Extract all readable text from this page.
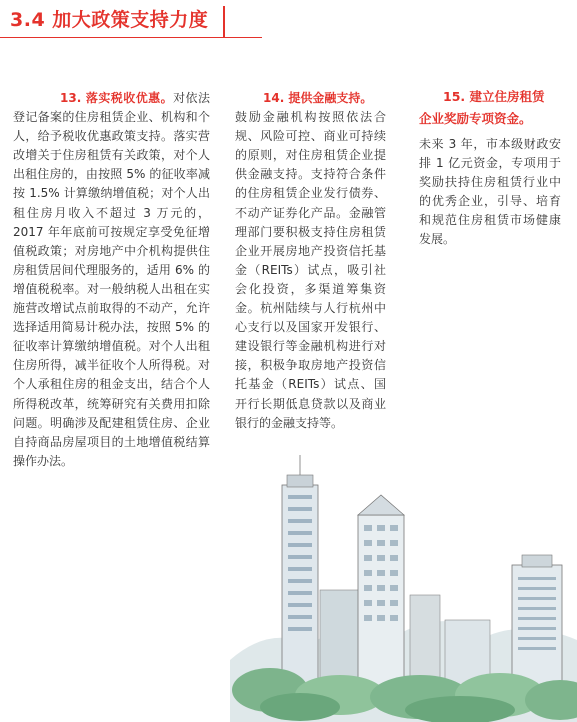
3.4 加大政策支持力度

13. 落实税收优惠。对依法登记备案的住房租赁企业、机构和个人，给予税收优惠政策支持。落实营改增关于住房租赁有关政策，对个人出租住房的，由按照 5% 的征收率减按 1.5% 计算缴纳增值税；对个人出租住房月收入不超过 3 万元的，2017 年年底前可按规定享受免征增值税政策；对房地产中介机构提供住房租赁居间代理服务的，适用 6% 的增值税税率。对一般纳税人出租在实施营改增试点前取得的不动产，允许选择适用简易计税办法，按照 5% 的征收率计算缴纳增值税。对个人出租住房所得，减半征收个人所得税。对个人承租住房的租金支出，结合个人所得税改革，统筹研究有关费用扣除问题。明确涉及配建租赁住房、企业自持商品房屋项目的土地增值税结算操作办法。

14. 提供金融支持。
鼓励金融机构按照依法合规、风险可控、商业可持续的原则，对住房租赁企业提供金融支持。支持符合条件的住房租赁企业发行债券、不动产证券化产品。金融管理部门要积极支持住房租赁企业开展房地产投资信托基金（REITs）试点，吸引社会化投资，多渠道筹集资金。杭州陆续与人行杭州中心支行以及国家开发银行、建设银行等金融机构进行对接，积极争取房地产投资信托基金（REITs）试点、国开行长期低息贷款以及商业银行的金融支持等。

15. 建立住房租赁
企业奖励专项资金。

未来 3 年，市本级财政安排 1 亿元资金，专项用于奖励扶持住房租赁行业中的优秀企业，引导、培育和规范住房租赁市场健康发展。
